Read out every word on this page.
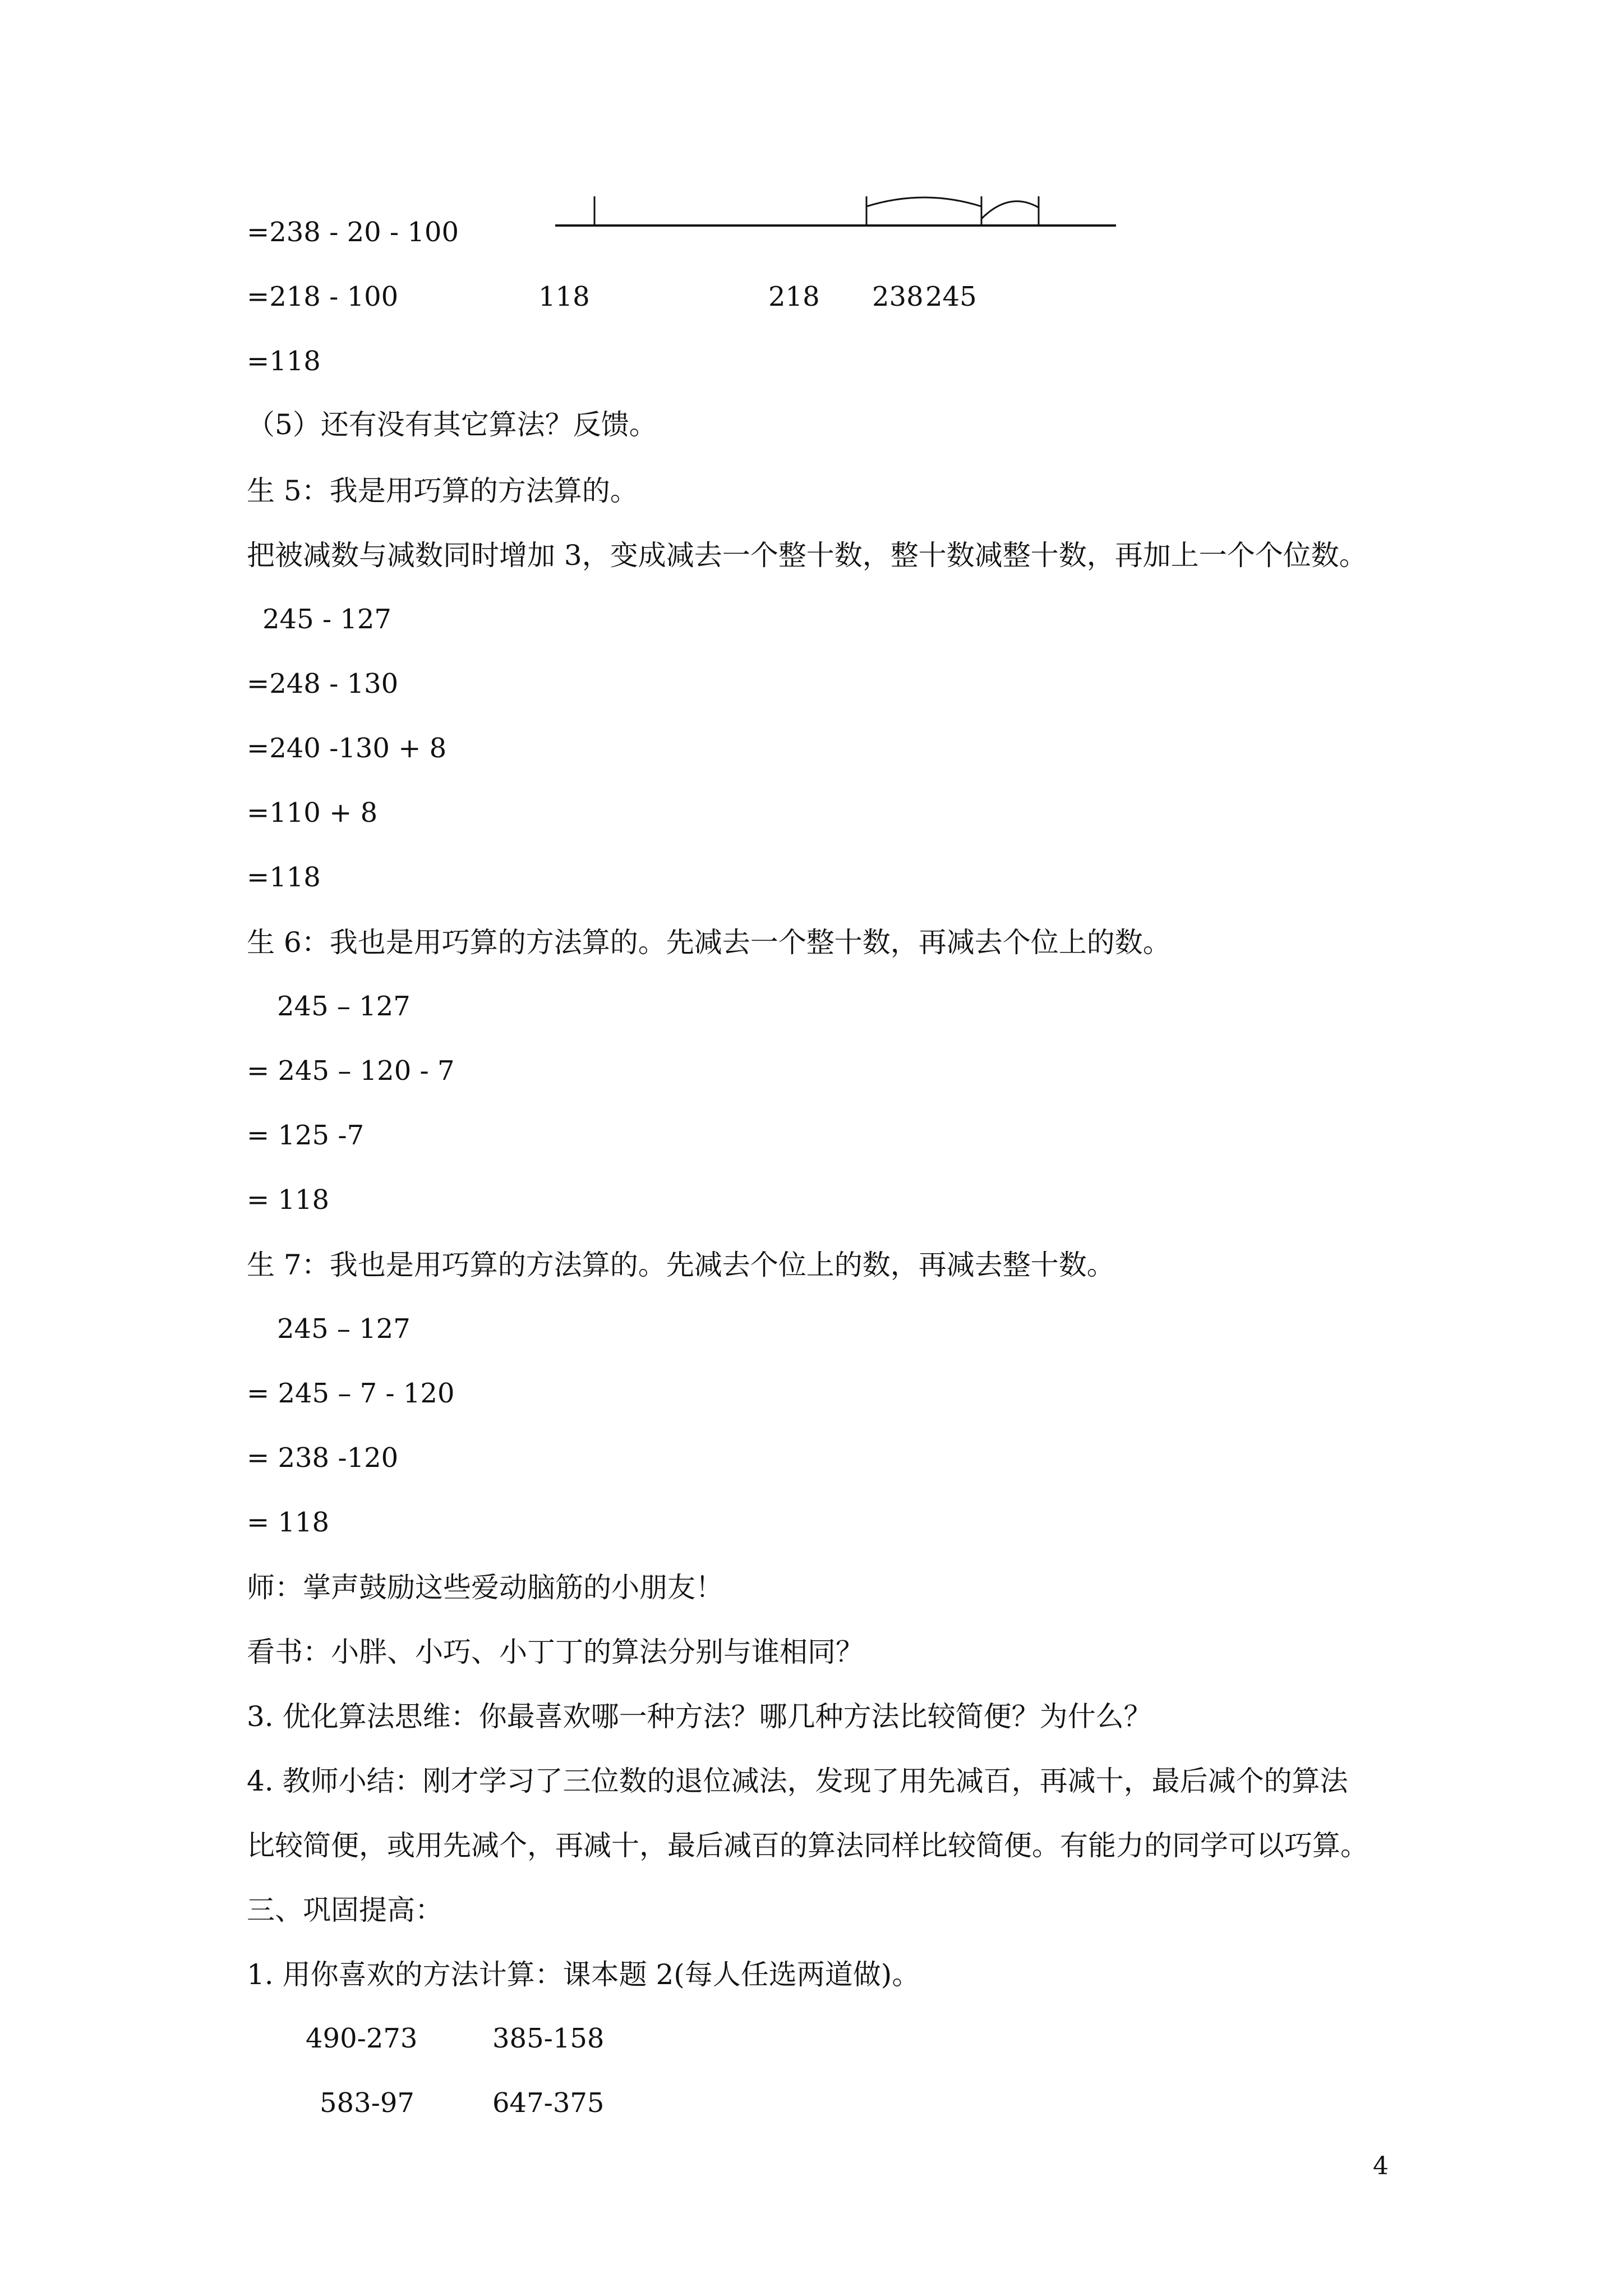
=238 - 20 - 100
=218 - 100
=118
118	218 238 245
（5）还有没有其它算法？反馈。
生 5：我是用巧算的方法算的。
把被减数与减数同时增加 3，变成减去一个整十数，整十数减整十数，再加上一个个位数。
245 - 127
=248 - 130
=240 -130 + 8
=110 + 8
=118
生 6：我也是用巧算的方法算的。先减去一个整十数，再减去个位上的数。
245 – 127
= 245 – 120 - 7
= 125 -7
= 118
生 7：我也是用巧算的方法算的。先减去个位上的数，再减去整十数。
245 – 127
= 245 – 7 - 120
= 238 -120
= 118
师：掌声鼓励这些爱动脑筋的小朋友！
看书：小胖、小巧、小丁丁的算法分别与谁相同？
3. 优化算法思维：你最喜欢哪一种方法？哪几种方法比较简便？为什么？
4. 教师小结：刚才学习了三位数的退位减法，发现了用先减百，再减十，最后减个的算法
比较简便，或用先减个，再减十，最后减百的算法同样比较简便。有能力的同学可以巧算。
三、巩固提高：
1. 用你喜欢的方法计算：课本题 2(每人任选两道做)。
490-273	385-158
583-97	647-375
4
